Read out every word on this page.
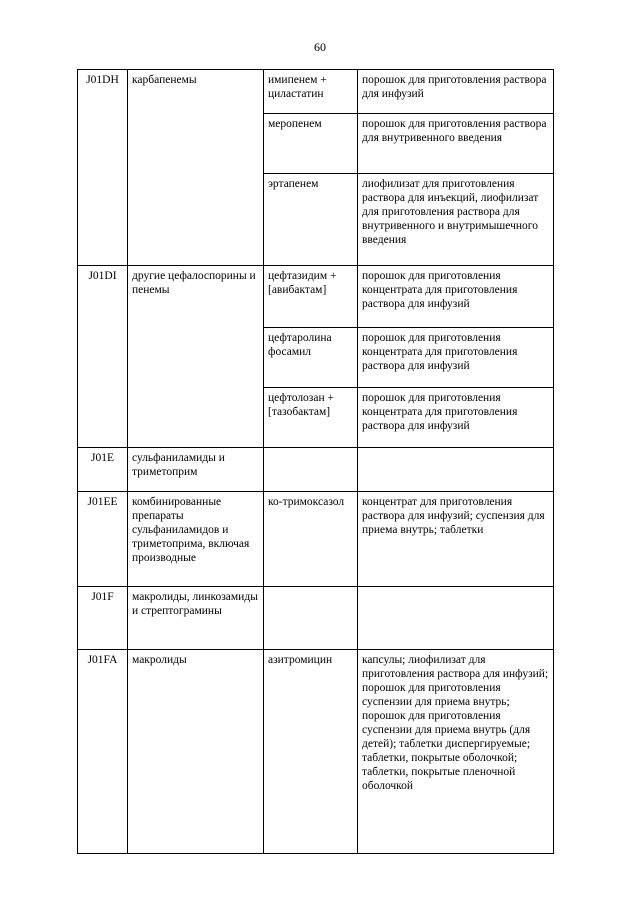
60
J01DH	карбапенемы	имипенем + циластатин	порошок для приготовления раствора для инфузий
		меропенем	порошок для приготовления раствора для внутривенного введения
		эртапенем	лиофилизат для приготовления раствора для инъекций, лиофилизат для приготовления раствора для внутривенного и внутримышечного введения
J01DI	другие цефалоспорины и пенемы	цефтазидим + [авибактам]	порошок для приготовления концентрата для приготовления раствора для инфузий
		цефтаролина фосамил	порошок для приготовления концентрата для приготовления раствора для инфузий
		цефтолозан + [тазобактам]	порошок для приготовления концентрата для приготовления раствора для инфузий
J01E	сульфаниламиды и триметоприм		
J01EE	комбинированные препараты сульфаниламидов и триметоприма, включая производные	ко-тримоксазол	концентрат для приготовления раствора для инфузий; суспензия для приема внутрь; таблетки
J01F	макролиды, линкозамиды и стрептограмины		
J01FA	макролиды	азитромицин	капсулы; лиофилизат для приготовления раствора для инфузий; порошок для приготовления суспензии для приема внутрь; порошок для приготовления суспензии для приема внутрь (для детей); таблетки диспергируемые; таблетки, покрытые оболочкой; таблетки, покрытые пленочной оболочкой
